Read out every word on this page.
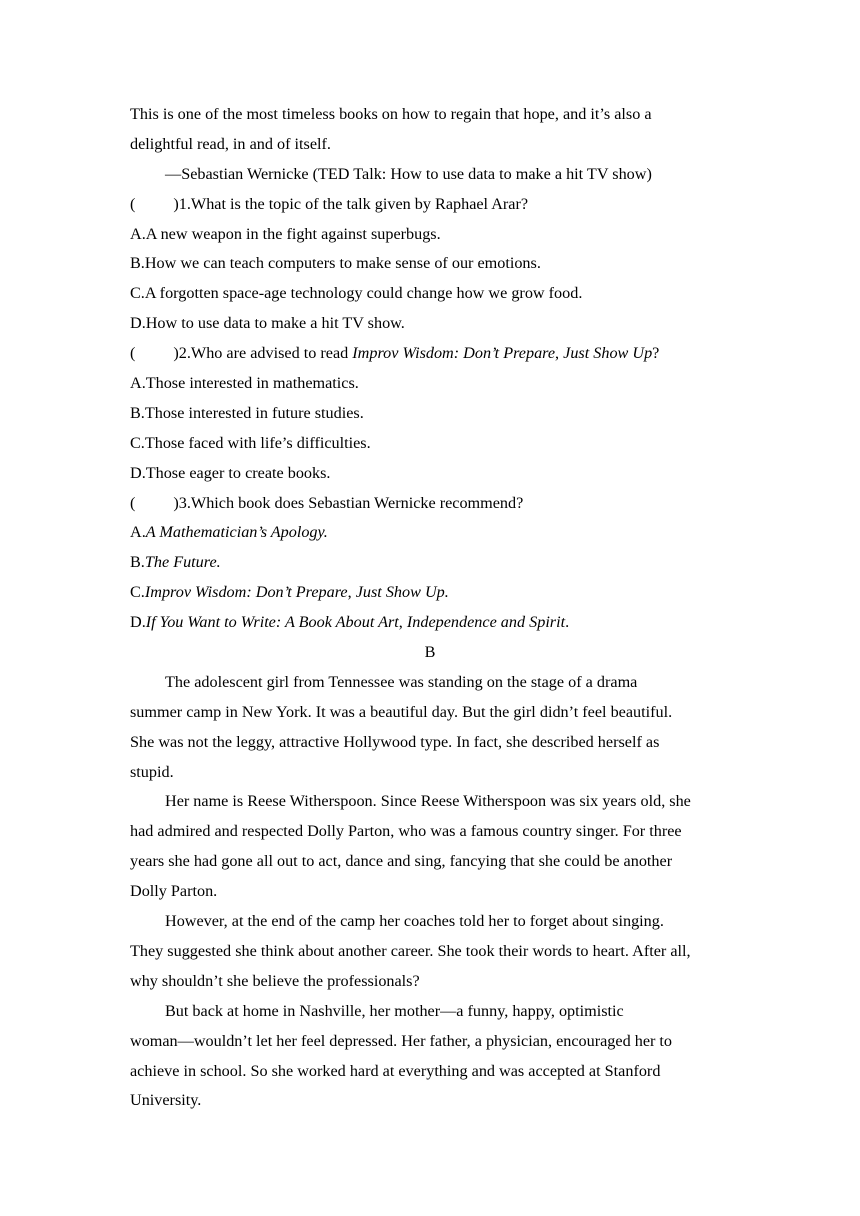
This is one of the most timeless books on how to regain that hope, and it’s also a
delightful read, in and of itself.
—Sebastian Wernicke (TED Talk: How to use data to make a hit TV show)
( )1.What is the topic of the talk given by Raphael Arar?
A.A new weapon in the fight against superbugs.
B.How we can teach computers to make sense of our emotions.
C.A forgotten space-age technology could change how we grow food.
D.How to use data to make a hit TV show.
( )2.Who are advised to read Improv Wisdom: Don’t Prepare, Just Show Up?
A.Those interested in mathematics.
B.Those interested in future studies.
C.Those faced with life’s difficulties.
D.Those eager to create books.
( )3.Which book does Sebastian Wernicke recommend?
A.A Mathematician’s Apology.
B.The Future.
C.Improv Wisdom: Don’t Prepare, Just Show Up.
D.If You Want to Write: A Book About Art, Independence and Spirit.
B
The adolescent girl from Tennessee was standing on the stage of a drama
summer camp in New York. It was a beautiful day. But the girl didn’t feel beautiful.
She was not the leggy, attractive Hollywood type. In fact, she described herself as
stupid.
Her name is Reese Witherspoon. Since Reese Witherspoon was six years old, she
had admired and respected Dolly Parton, who was a famous country singer. For three
years she had gone all out to act, dance and sing, fancying that she could be another
Dolly Parton.
However, at the end of the camp her coaches told her to forget about singing.
They suggested she think about another career. She took their words to heart. After all,
why shouldn’t she believe the professionals?
But back at home in Nashville, her mother—a funny, happy, optimistic
woman—wouldn’t let her feel depressed. Her father, a physician, encouraged her to
achieve in school. So she worked hard at everything and was accepted at Stanford
University.
